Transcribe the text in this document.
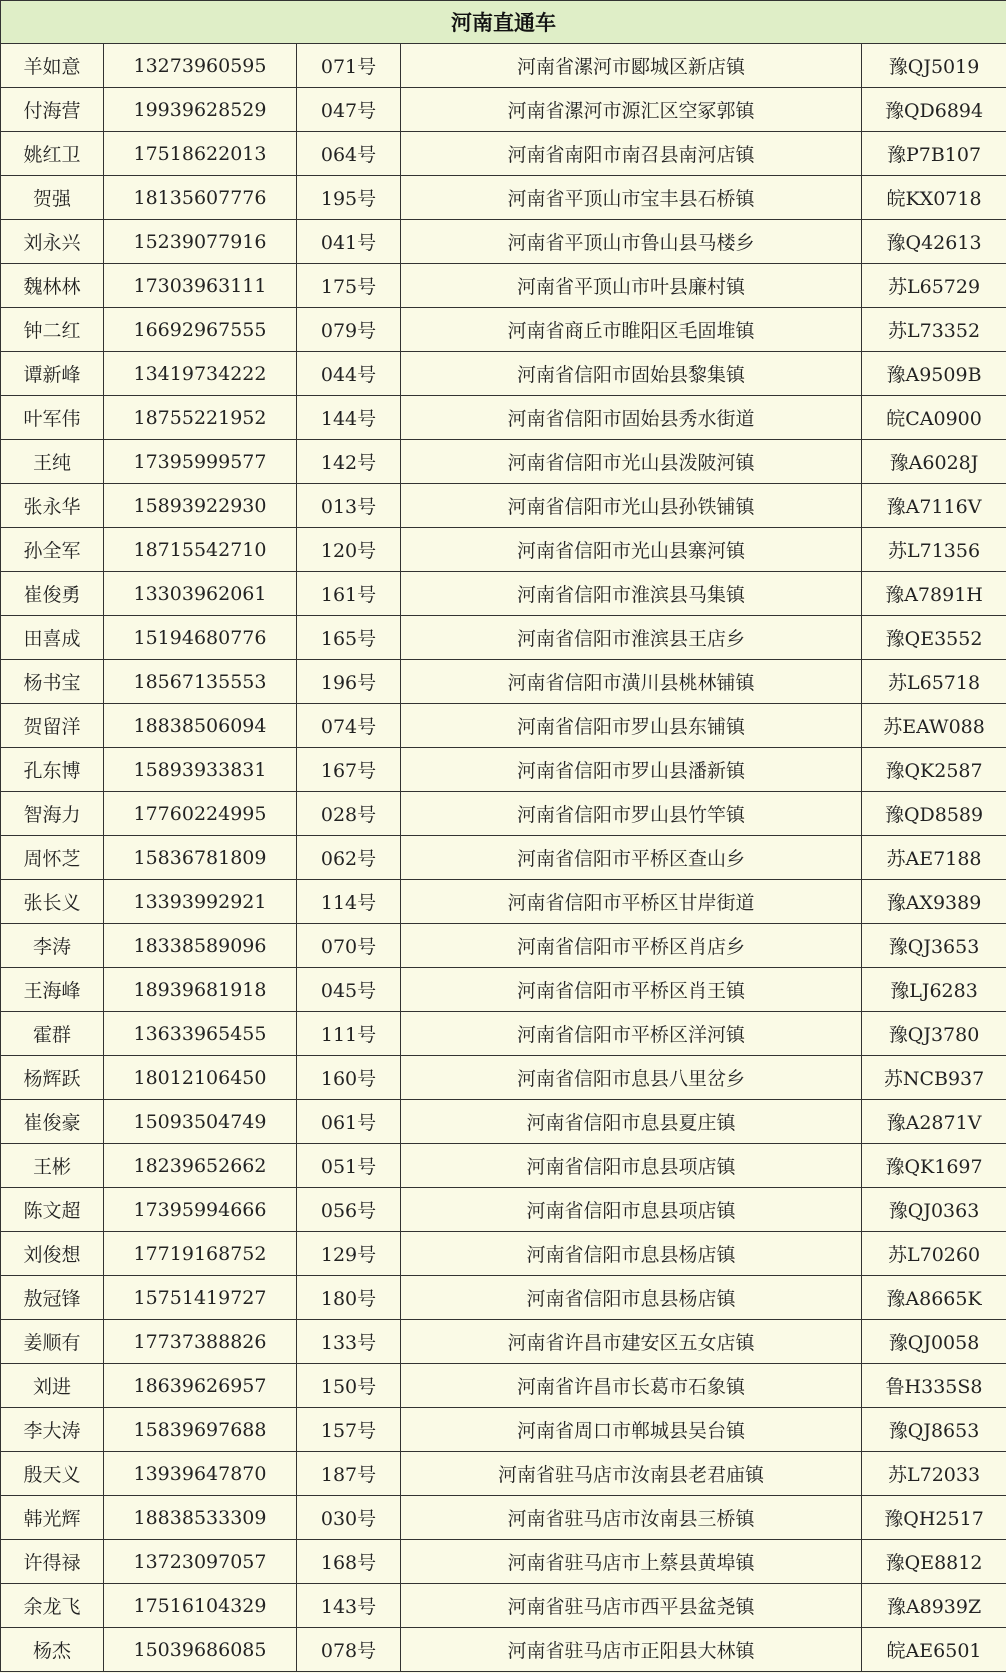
河南直通车				
羊如意	13273960595	071号	河南省漯河市郾城区新店镇	豫QJ5019
付海营	19939628529	047号	河南省漯河市源汇区空冢郭镇	豫QD6894
姚红卫	17518622013	064号	河南省南阳市南召县南河店镇	豫P7B107
贺强	18135607776	195号	河南省平顶山市宝丰县石桥镇	皖KX0718
刘永兴	15239077916	041号	河南省平顶山市鲁山县马楼乡	豫Q42613
魏林林	17303963111	175号	河南省平顶山市叶县廉村镇	苏L65729
钟二红	16692967555	079号	河南省商丘市睢阳区毛固堆镇	苏L73352
谭新峰	13419734222	044号	河南省信阳市固始县黎集镇	豫A9509B
叶军伟	18755221952	144号	河南省信阳市固始县秀水街道	皖CA0900
王纯	17395999577	142号	河南省信阳市光山县泼陂河镇	豫A6028J
张永华	15893922930	013号	河南省信阳市光山县孙铁铺镇	豫A7116V
孙全军	18715542710	120号	河南省信阳市光山县寨河镇	苏L71356
崔俊勇	13303962061	161号	河南省信阳市淮滨县马集镇	豫A7891H
田喜成	15194680776	165号	河南省信阳市淮滨县王店乡	豫QE3552
杨书宝	18567135553	196号	河南省信阳市潢川县桃林铺镇	苏L65718
贺留洋	18838506094	074号	河南省信阳市罗山县东铺镇	苏EAW088
孔东博	15893933831	167号	河南省信阳市罗山县潘新镇	豫QK2587
智海力	17760224995	028号	河南省信阳市罗山县竹竿镇	豫QD8589
周怀芝	15836781809	062号	河南省信阳市平桥区查山乡	苏AE7188
张长义	13393992921	114号	河南省信阳市平桥区甘岸街道	豫AX9389
李涛	18338589096	070号	河南省信阳市平桥区肖店乡	豫QJ3653
王海峰	18939681918	045号	河南省信阳市平桥区肖王镇	豫LJ6283
霍群	13633965455	111号	河南省信阳市平桥区洋河镇	豫QJ3780
杨辉跃	18012106450	160号	河南省信阳市息县八里岔乡	苏NCB937
崔俊豪	15093504749	061号	河南省信阳市息县夏庄镇	豫A2871V
王彬	18239652662	051号	河南省信阳市息县项店镇	豫QK1697
陈文超	17395994666	056号	河南省信阳市息县项店镇	豫QJ0363
刘俊想	17719168752	129号	河南省信阳市息县杨店镇	苏L70260
敖冠锋	15751419727	180号	河南省信阳市息县杨店镇	豫A8665K
姜顺有	17737388826	133号	河南省许昌市建安区五女店镇	豫QJ0058
刘进	18639626957	150号	河南省许昌市长葛市石象镇	鲁H335S8
李大涛	15839697688	157号	河南省周口市郸城县吴台镇	豫QJ8653
殷天义	13939647870	187号	河南省驻马店市汝南县老君庙镇	苏L72033
韩光辉	18838533309	030号	河南省驻马店市汝南县三桥镇	豫QH2517
许得禄	13723097057	168号	河南省驻马店市上蔡县黄埠镇	豫QE8812
余龙飞	17516104329	143号	河南省驻马店市西平县盆尧镇	豫A8939Z
杨杰	15039686085	078号	河南省驻马店市正阳县大林镇	皖AE6501
